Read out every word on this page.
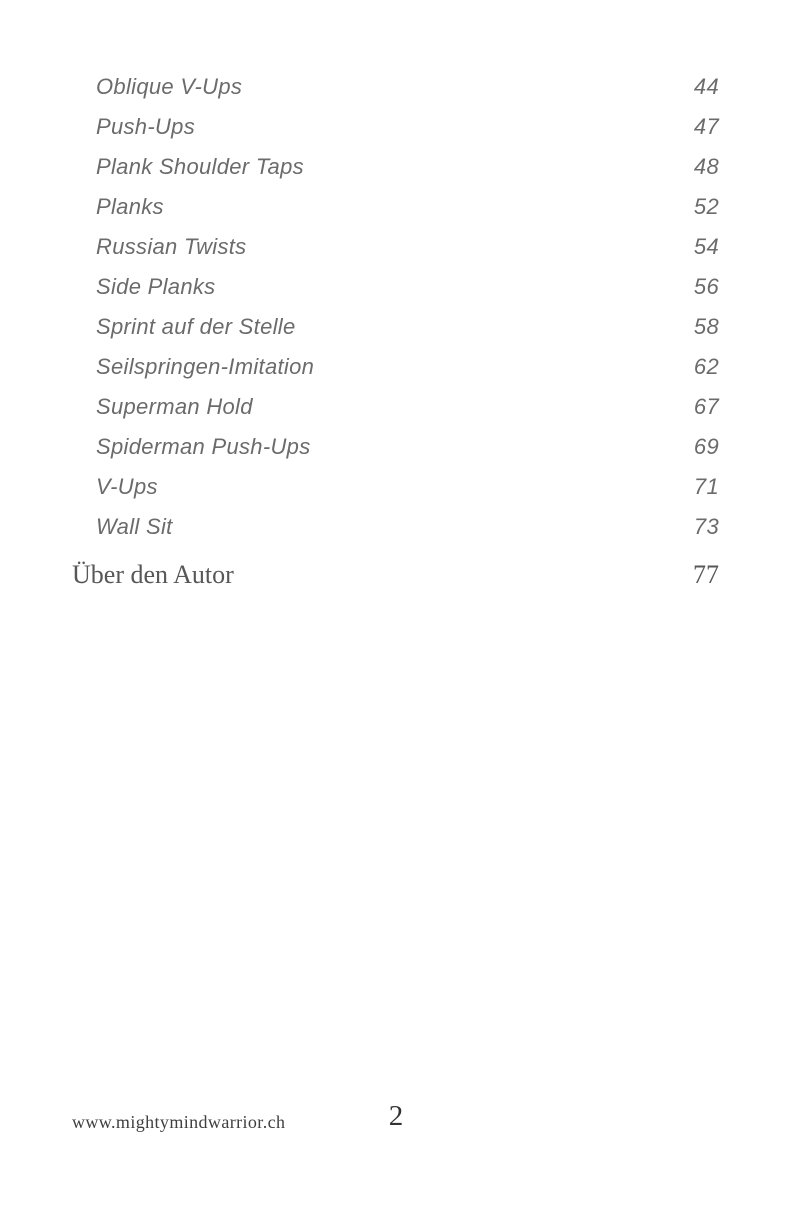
Oblique V-Ups	44
Push-Ups	47
Plank Shoulder Taps	48
Planks	52
Russian Twists	54
Side Planks	56
Sprint auf der Stelle	58
Seilspringen-Imitation	62
Superman Hold	67
Spiderman Push-Ups	69
V-Ups	71
Wall Sit	73
Über den Autor	77
2
www.mightymindwarrior.ch
